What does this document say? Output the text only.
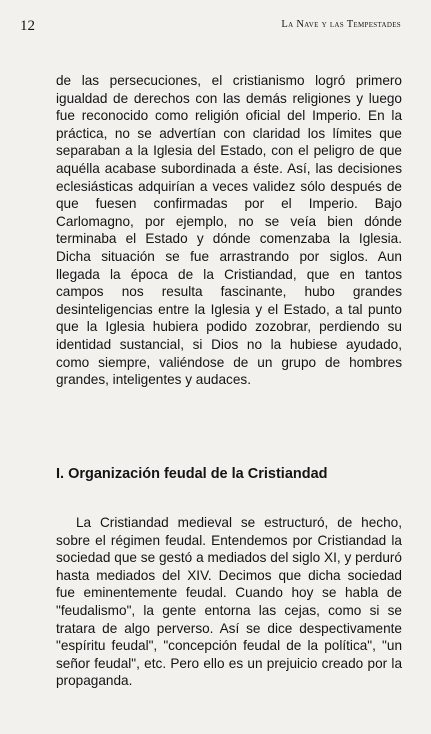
12	La Nave y las Tempestades

de las persecuciones, el cristianismo logró primero igualdad de derechos con las demás religiones y luego fue reconocido como religión oficial del Imperio. En la práctica, no se advertían con claridad los límites que separaban a la Iglesia del Estado, con el peligro de que aquélla acabase subordinada a éste. Así, las decisiones eclesiásticas adquirían a veces validez sólo después de que fuesen confirmadas por el Imperio. Bajo Carlomagno, por ejemplo, no se veía bien dónde terminaba el Estado y dónde comenzaba la Iglesia. Dicha situación se fue arrastrando por siglos. Aun llegada la época de la Cristiandad, que en tantos campos nos resulta fascinante, hubo grandes desinteligencias entre la Iglesia y el Estado, a tal punto que la Iglesia hubiera podido zozobrar, perdiendo su identidad sustancial, si Dios no la hubiese ayudado, como siempre, valiéndose de un grupo de hombres grandes, inteligentes y audaces.

I. Organización feudal de la Cristiandad

La Cristiandad medieval se estructuró, de hecho, sobre el régimen feudal. Entendemos por Cristiandad la sociedad que se gestó a mediados del siglo XI, y perduró hasta mediados del XIV. Decimos que dicha sociedad fue eminentemente feudal. Cuando hoy se habla de "feudalismo", la gente entorna las cejas, como si se tratara de algo perverso. Así se dice despectivamente "espíritu feudal", "concepción feudal de la política", "un señor feudal", etc. Pero ello es un prejuicio creado por la propaganda.
